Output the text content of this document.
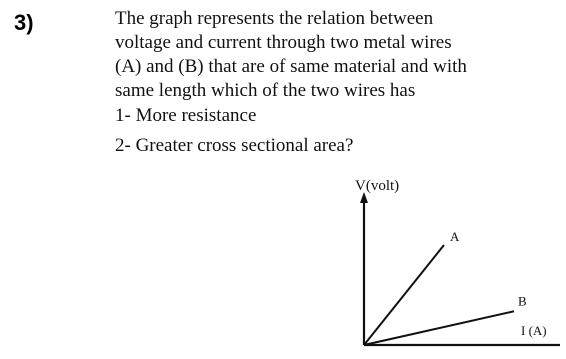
3)	The graph represents the relation between
voltage and current through two metal wires
(A) and (B) that are of same material and with
same length which of the two wires has
1- More resistance
2- Greater cross sectional area?
V(volt)
I (A)
A
B
